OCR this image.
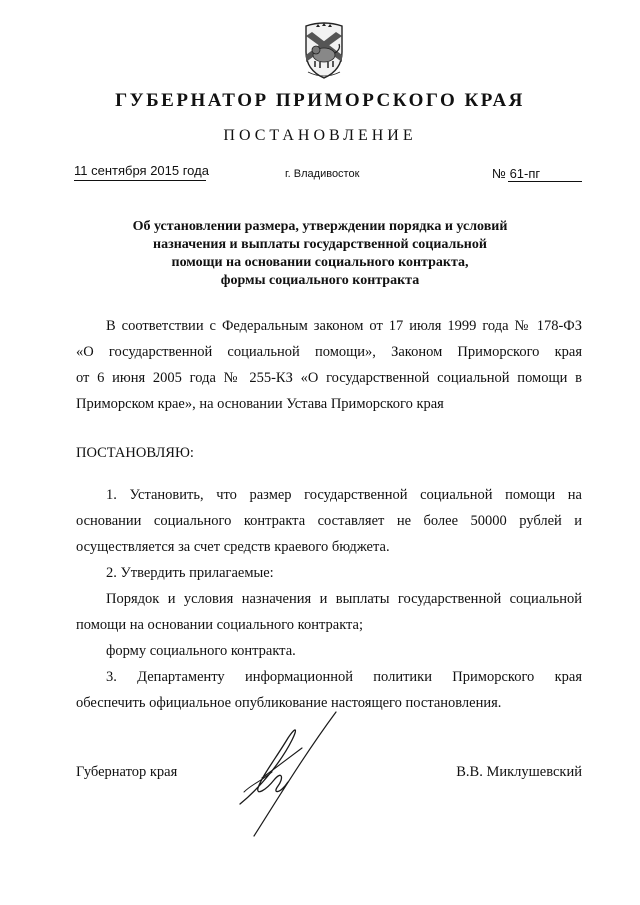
ГУБЕРНАТОР ПРИМОРСКОГО КРАЯ
ПОСТАНОВЛЕНИЕ
11 сентября 2015 года	г. Владивосток	№ 61-пг
Об установлении размера, утверждении порядка и условий
назначения и выплаты государственной социальной
помощи на основании социального контракта,
формы социального контракта
В соответствии с Федеральным законом от 17 июля 1999 года № 178-ФЗ
«О государственной социальной помощи», Законом Приморского края
от 6 июня 2005 года № 255-КЗ «О государственной социальной помощи в
Приморском крае», на основании Устава Приморского края
ПОСТАНОВЛЯЮ:
1. Установить, что размер государственной социальной помощи на
основании социального контракта составляет не более 50000 рублей и
осуществляется за счет средств краевого бюджета.
2. Утвердить прилагаемые:
Порядок и условия назначения и выплаты государственной социальной
помощи на основании социального контракта;
форму социального контракта.
3. Департаменту информационной политики Приморского края
обеспечить официальное опубликование настоящего постановления.
Губернатор края	В.В. Миклушевский
